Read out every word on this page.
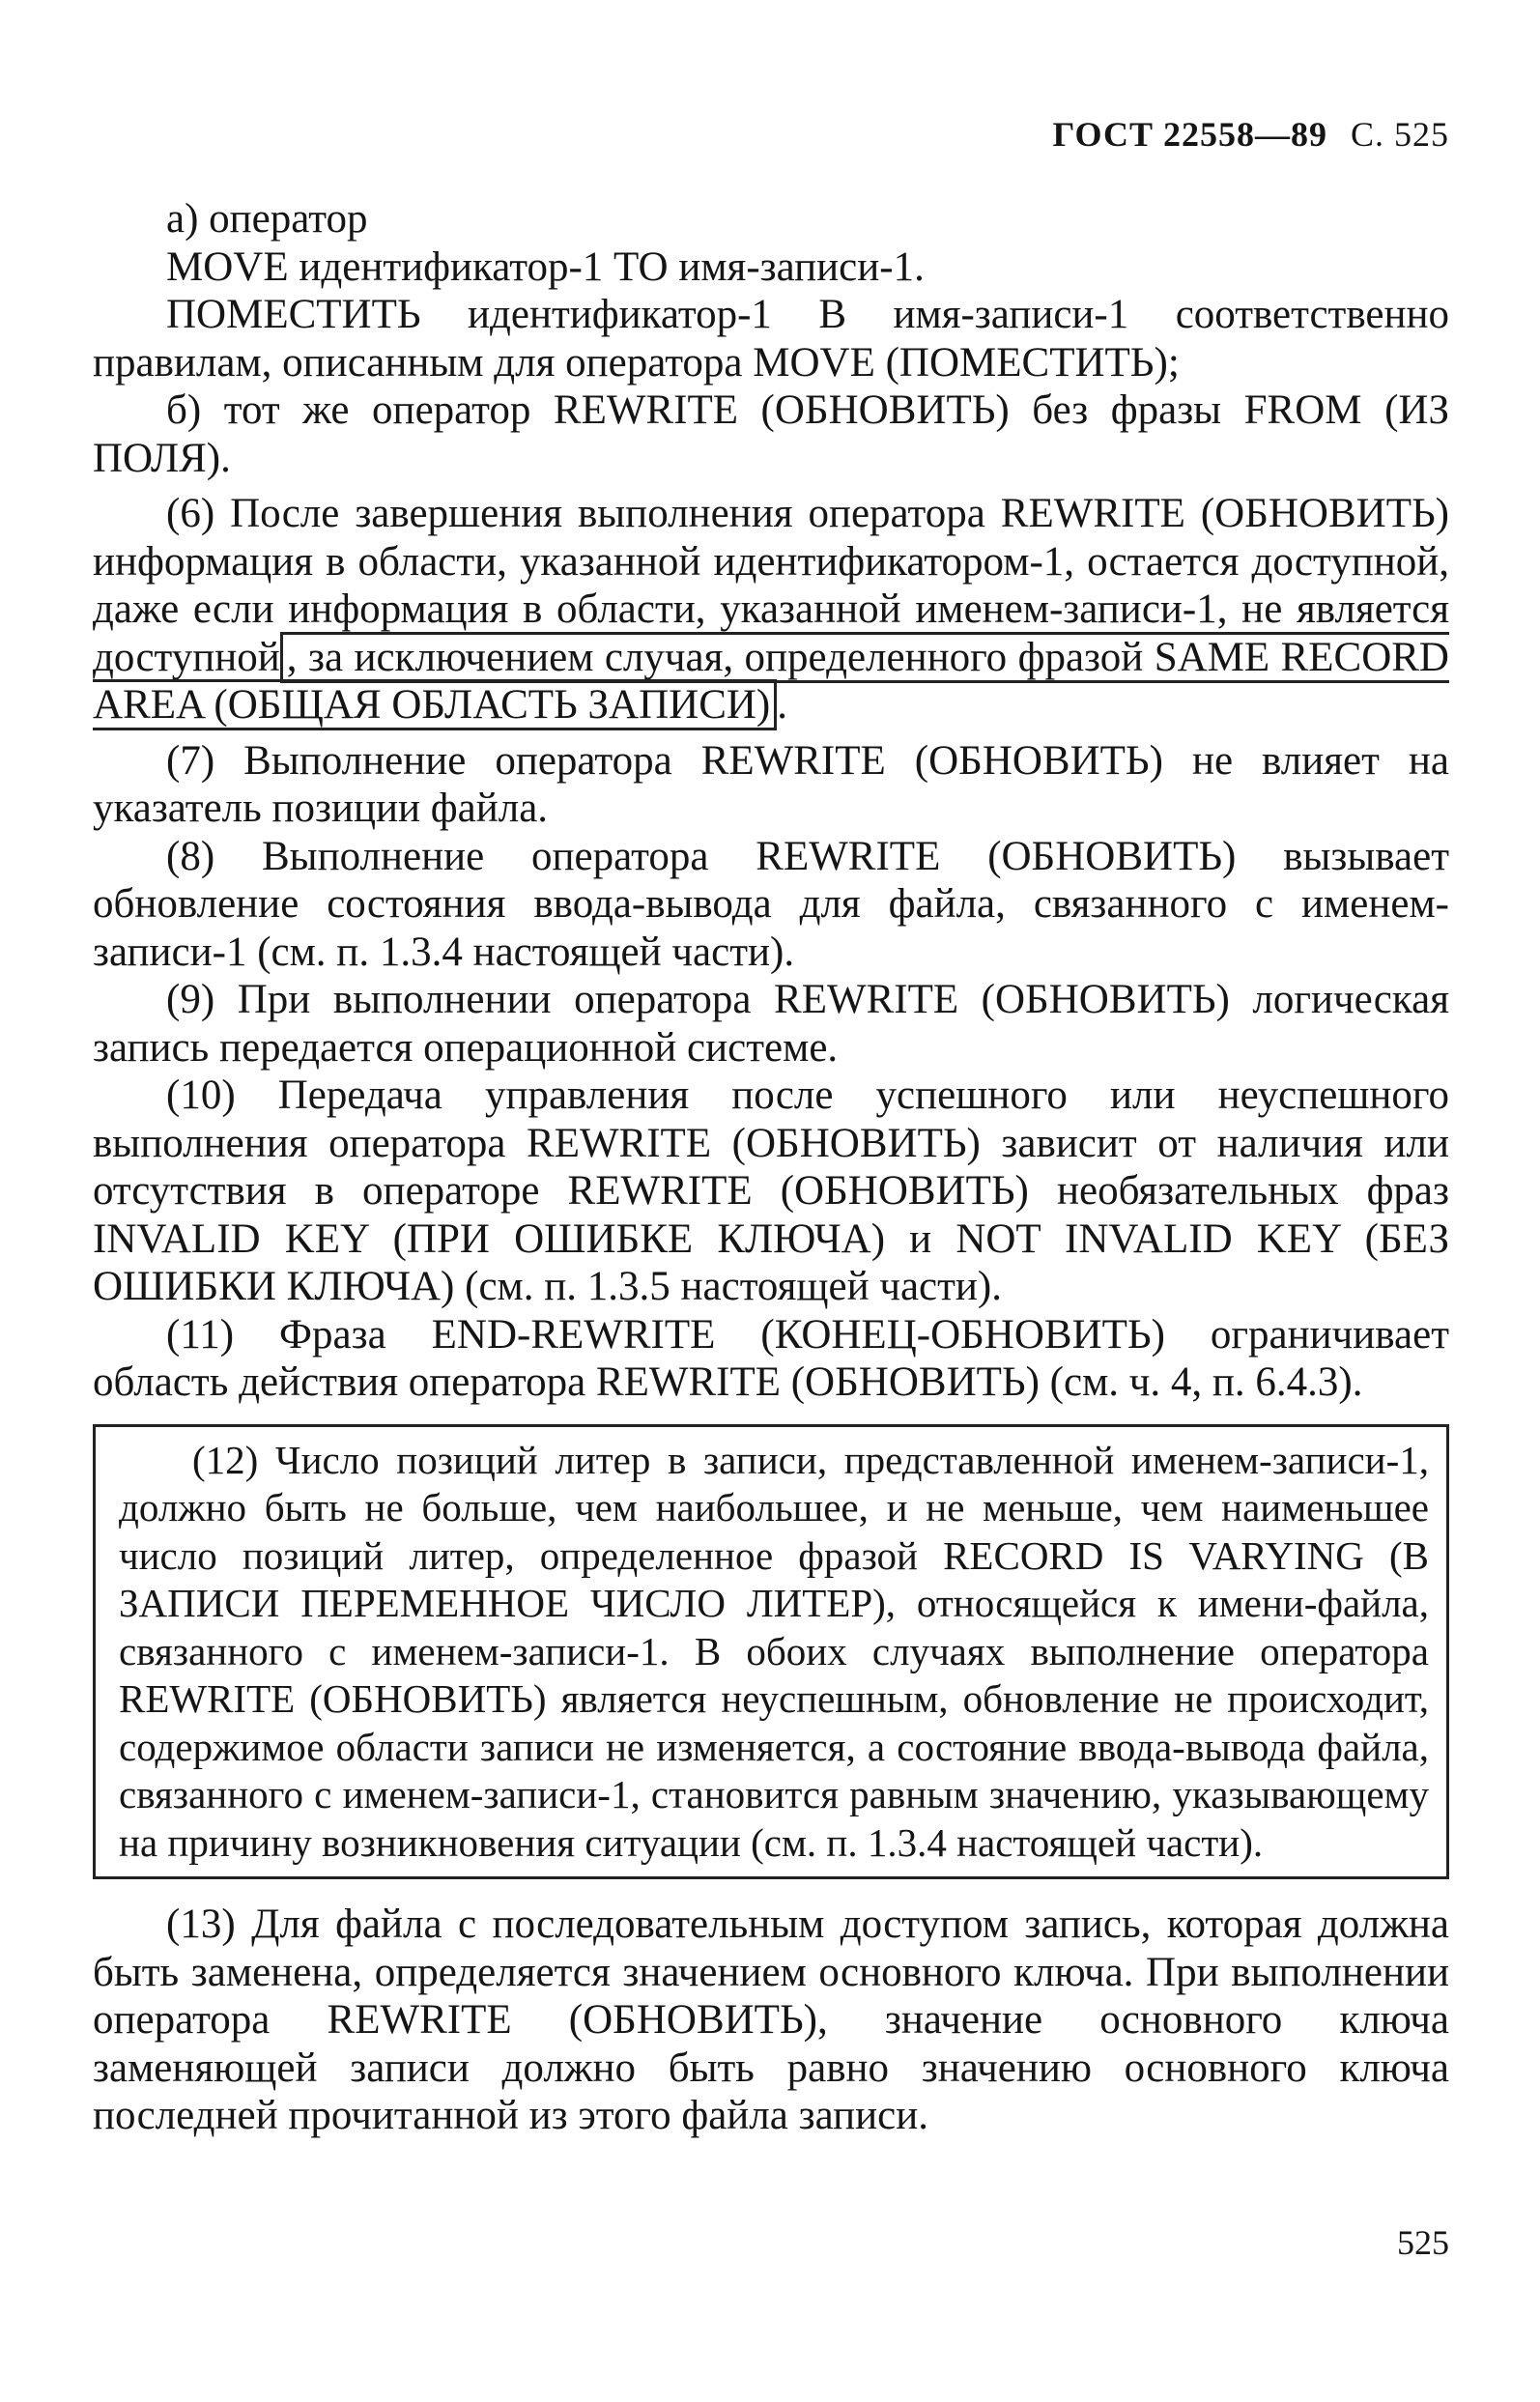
ГОСТ 22558—89 С. 525

а) оператор

MOVE идентификатор-1 TO имя-записи-1.

ПОМЕСТИТЬ идентификатор-1 В имя-записи-1 соответственно правилам, описанным для оператора MOVE (ПОМЕСТИТЬ);

б) тот же оператор REWRITE (ОБНОВИТЬ) без фразы FROM (ИЗ ПОЛЯ).

(6) После завершения выполнения оператора REWRITE (ОБНОВИТЬ) информация в области, указанной идентификатором-1, остается доступной, даже если информация в области, указанной именем-записи-1, не является доступной , за исключением случая, определенного фразой SAME RECORD AREA (ОБЩАЯ ОБЛАСТЬ ЗАПИСИ) .

(7) Выполнение оператора REWRITE (ОБНОВИТЬ) не влияет на указатель позиции файла.

(8) Выполнение оператора REWRITE (ОБНОВИТЬ) вызывает обновление состояния ввода-вывода для файла, связанного с именем-записи-1 (см. п. 1.3.4 настоящей части).

(9) При выполнении оператора REWRITE (ОБНОВИТЬ) логическая запись передается операционной системе.

(10) Передача управления после успешного или неуспешного выполнения оператора REWRITE (ОБНОВИТЬ) зависит от наличия или отсутствия в операторе REWRITE (ОБНОВИТЬ) необязательных фраз INVALID KEY (ПРИ ОШИБКЕ КЛЮЧА) и NOT INVALID KEY (БЕЗ ОШИБКИ КЛЮЧА) (см. п. 1.3.5 настоящей части).

(11) Фраза END-REWRITE (КОНЕЦ-ОБНОВИТЬ) ограничивает область действия оператора REWRITE (ОБНОВИТЬ) (см. ч. 4, п. 6.4.3).

(12) Число позиций литер в записи, представленной именем-записи-1, должно быть не больше, чем наибольшее, и не меньше, чем наименьшее число позиций литер, определенное фразой RECORD IS VARYING (В ЗАПИСИ ПЕРЕМЕННОЕ ЧИСЛО ЛИТЕР), относящейся к имени-файла, связанного с именем-записи-1. В обоих случаях выполнение оператора REWRITE (ОБНОВИТЬ) является неуспешным, обновление не происходит, содержимое области записи не изменяется, а состояние ввода-вывода файла, связанного с именем-записи-1, становится равным значению, указывающему на причину возникновения ситуации (см. п. 1.3.4 настоящей части).

(13) Для файла с последовательным доступом запись, которая должна быть заменена, определяется значением основного ключа. При выполнении оператора REWRITE (ОБНОВИТЬ), значение основного ключа заменяющей записи должно быть равно значению основного ключа последней прочитанной из этого файла записи.

525
